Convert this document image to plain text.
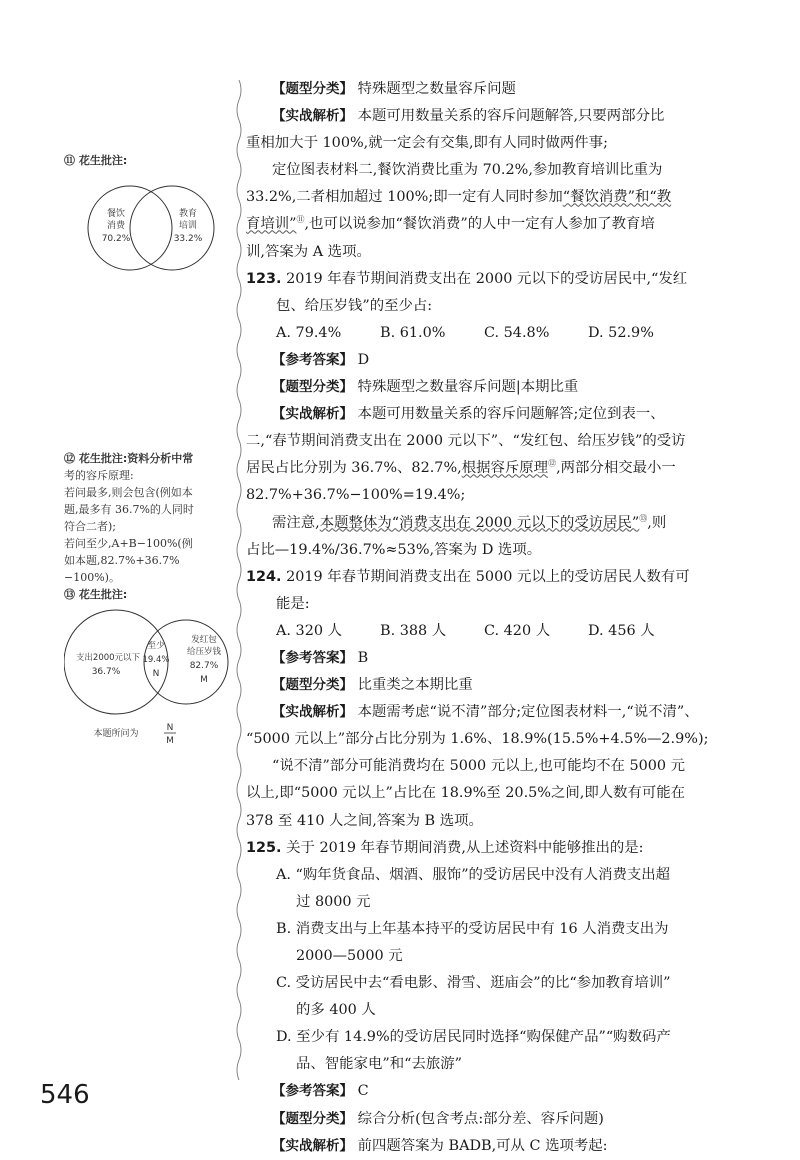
⑪ 花生批注:
餐饮
消费
70.2%
教育
培训
33.2%
⑫ 花生批注:资料分析中常
考的容斥原理:
若问最多,则会包含(例如本
题,最多有 36.7%的人同时
符合二者);
若问至少,A+B−100%(例
如本题,82.7%+36.7%
−100%)。
⑬ 花生批注:
支出2000元以下
36.7%
至少
19.4%
N
发红包
给压岁钱
82.7%
M
本题所问为
N
M
【题型分类】 特殊题型之数量容斥问题
【实战解析】 本题可用数量关系的容斥问题解答,只要两部分比
重相加大于 100%,就一定会有交集,即有人同时做两件事;
定位图表材料二,餐饮消费比重为 70.2%,参加教育培训比重为
33.2%,二者相加超过 100%;即一定有人同时参加“餐饮消费”和“教
育培训”⑪,也可以说参加“餐饮消费”的人中一定有人参加了教育培
训,答案为 A 选项。
123. 2019 年春节期间消费支出在 2000 元以下的受访居民中,“发红
包、给压岁钱”的至少占:
A. 79.4%	B. 61.0%	C. 54.8%	D. 52.9%
【参考答案】 D
【题型分类】 特殊题型之数量容斥问题|本期比重
【实战解析】 本题可用数量关系的容斥问题解答;定位到表一、
二,“春节期间消费支出在 2000 元以下”、“发红包、给压岁钱”的受访
居民占比分别为 36.7%、82.7%,根据容斥原理⑫,两部分相交最小一
82.7%+36.7%−100%=19.4%;
需注意,本题整体为“消费支出在 2000 元以下的受访居民”⑬,则
占比—19.4%/36.7%≈53%,答案为 D 选项。
124. 2019 年春节期间消费支出在 5000 元以上的受访居民人数有可
能是:
A. 320 人	B. 388 人	C. 420 人	D. 456 人
【参考答案】 B
【题型分类】 比重类之本期比重
【实战解析】 本题需考虑“说不清”部分;定位图表材料一,“说不清”、
“5000 元以上”部分占比分别为 1.6%、18.9%(15.5%+4.5%—2.9%);
“说不清”部分可能消费均在 5000 元以上,也可能均不在 5000 元
以上,即“5000 元以上”占比在 18.9%至 20.5%之间,即人数有可能在
378 至 410 人之间,答案为 B 选项。
125. 关于 2019 年春节期间消费,从上述资料中能够推出的是:
A. “购年货食品、烟酒、服饰”的受访居民中没有人消费支出超
过 8000 元
B. 消费支出与上年基本持平的受访居民中有 16 人消费支出为
2000—5000 元
C. 受访居民中去“看电影、滑雪、逛庙会”的比“参加教育培训”
的多 400 人
D. 至少有 14.9%的受访居民同时选择“购保健产品”“购数码产
品、智能家电”和“去旅游”
【参考答案】 C
【题型分类】 综合分析(包含考点:部分差、容斥问题)
【实战解析】 前四题答案为 BADB,可从 C 选项考起:
546
